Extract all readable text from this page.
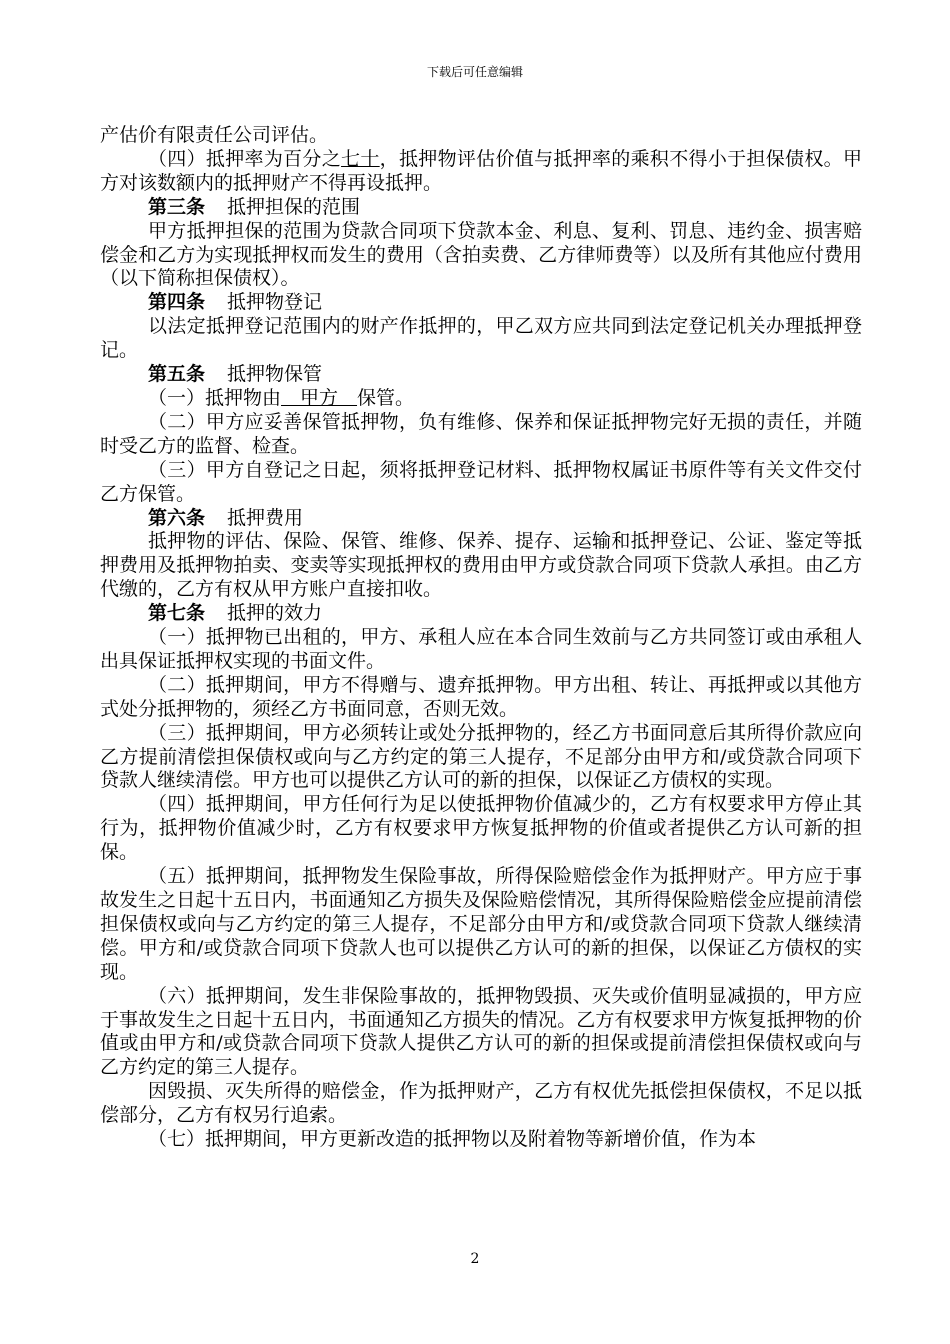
下载后可任意编辑

产估价有限责任公司评估。

（四）抵押率为百分之七十，抵押物评估价值与抵押率的乘积不得小于担保债权。甲方对该数额内的抵押财产不得再设抵押。

第三条 抵押担保的范围

甲方抵押担保的范围为贷款合同项下贷款本金、利息、复利、罚息、违约金、损害赔偿金和乙方为实现抵押权而发生的费用（含拍卖费、乙方律师费等）以及所有其他应付费用（以下简称担保债权）。

第四条 抵押物登记

以法定抵押登记范围内的财产作抵押的，甲乙双方应共同到法定登记机关办理抵押登记。

第五条 抵押物保管

（一）抵押物由　甲方　保管。

（二）甲方应妥善保管抵押物，负有维修、保养和保证抵押物完好无损的责任，并随时受乙方的监督、检查。

（三）甲方自登记之日起，须将抵押登记材料、抵押物权属证书原件等有关文件交付乙方保管。

第六条 抵押费用

抵押物的评估、保险、保管、维修、保养、提存、运输和抵押登记、公证、鉴定等抵押费用及抵押物拍卖、变卖等实现抵押权的费用由甲方或贷款合同项下贷款人承担。由乙方代缴的，乙方有权从甲方账户直接扣收。

第七条 抵押的效力

（一）抵押物已出租的，甲方、承租人应在本合同生效前与乙方共同签订或由承租人出具保证抵押权实现的书面文件。

（二）抵押期间，甲方不得赠与、遗弃抵押物。甲方出租、转让、再抵押或以其他方式处分抵押物的，须经乙方书面同意，否则无效。

（三）抵押期间，甲方必须转让或处分抵押物的，经乙方书面同意后其所得价款应向乙方提前清偿担保债权或向与乙方约定的第三人提存，不足部分由甲方和/或贷款合同项下贷款人继续清偿。甲方也可以提供乙方认可的新的担保，以保证乙方债权的实现。

（四）抵押期间，甲方任何行为足以使抵押物价值减少的，乙方有权要求甲方停止其行为，抵押物价值减少时，乙方有权要求甲方恢复抵押物的价值或者提供乙方认可新的担保。

（五）抵押期间，抵押物发生保险事故，所得保险赔偿金作为抵押财产。甲方应于事故发生之日起十五日内，书面通知乙方损失及保险赔偿情况，其所得保险赔偿金应提前清偿担保债权或向与乙方约定的第三人提存，不足部分由甲方和/或贷款合同项下贷款人继续清偿。甲方和/或贷款合同项下贷款人也可以提供乙方认可的新的担保，以保证乙方债权的实现。

（六）抵押期间，发生非保险事故的，抵押物毁损、灭失或价值明显减损的，甲方应于事故发生之日起十五日内，书面通知乙方损失的情况。乙方有权要求甲方恢复抵押物的价值或由甲方和/或贷款合同项下贷款人提供乙方认可的新的担保或提前清偿担保债权或向与乙方约定的第三人提存。

因毁损、灭失所得的赔偿金，作为抵押财产，乙方有权优先抵偿担保债权，不足以抵偿部分，乙方有权另行追索。

（七）抵押期间，甲方更新改造的抵押物以及附着物等新增价值，作为本

2
